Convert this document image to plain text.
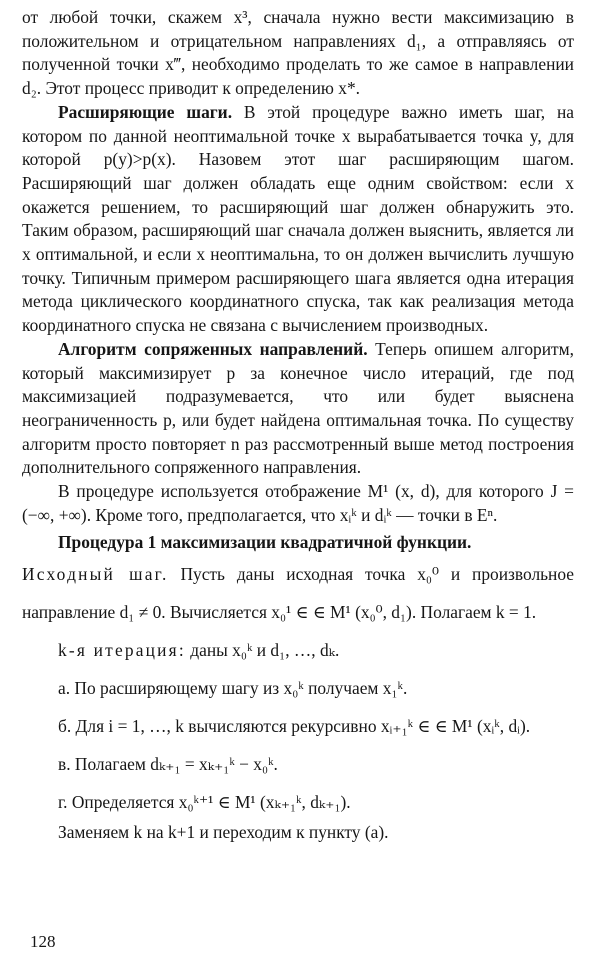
от любой точки, скажем x³, сначала нужно вести максимизацию в положительном и отрицательном направлениях d₁, а отправляясь от полученной точки x‴, необходимо проделать то же самое в направлении d₂. Этот процесс приводит к определению x*.

Расширяющие шаги. В этой процедуре важно иметь шаг, на котором по данной неоптимальной точке x вырабатывается точка y, для которой p(y)>p(x). Назовем этот шаг расширяющим шагом. Расширяющий шаг должен обладать еще одним свойством: если x окажется решением, то расширяющий шаг должен обнаружить это. Таким образом, расширяющий шаг сначала должен выяснить, является ли x оптимальной, и если x неоптимальна, то он должен вычислить лучшую точку. Типичным примером расширяющего шага является одна итерация метода циклического координатного спуска, так как реализация метода координатного спуска не связана с вычислением производных.

Алгоритм сопряженных направлений. Теперь опишем алгоритм, который максимизирует p за конечное число итераций, где под максимизацией подразумевается, что или будет выяснена неограниченность p, или будет найдена оптимальная точка. По существу алгоритм просто повторяет n раз рассмотренный выше метод построения дополнительного сопряженного направления.

В процедуре используется отображение M¹ (x, d), для которого J = (−∞, +∞). Кроме того, предполагается, что xᵢᵏ и dᵢᵏ — точки в Eⁿ.

Процедура 1 максимизации квадратичной функции.

Исходный шаг. Пусть даны исходная точка x₀⁰ и произвольное направление d₁ ≠ 0. Вычисляется x₀¹ ∈ ∈ M¹ (x₀⁰, d₁). Полагаем k = 1.

k-я итерация: даны x₀ᵏ и d₁, …, dₖ.

а. По расширяющему шагу из x₀ᵏ получаем x₁ᵏ.

б. Для i = 1, …, k вычисляются рекурсивно xᵢ₊₁ᵏ ∈ ∈ M¹ (xᵢᵏ, dᵢ).

в. Полагаем dₖ₊₁ = xₖ₊₁ᵏ − x₀ᵏ.

г. Определяется x₀ᵏ⁺¹ ∈ M¹ (xₖ₊₁ᵏ, dₖ₊₁).

Заменяем k на k+1 и переходим к пункту (а).

128
